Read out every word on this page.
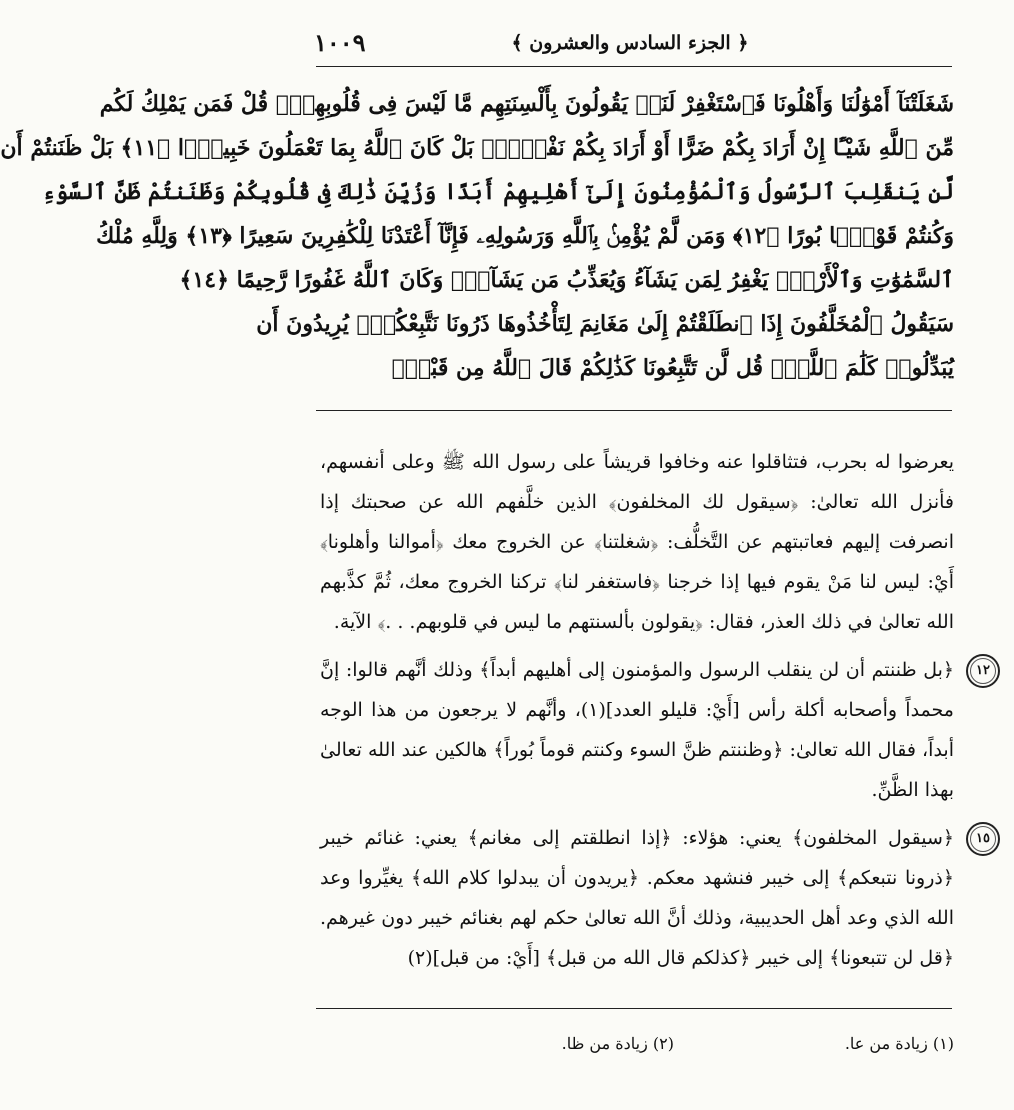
١٠٠٩	﴿ الجزء السادس والعشرون ﴾
شَغَلَتْنَآ أَمْوَٰلُنَا وَأَهْلُونَا فَٱسْتَغْفِرْ لَنَاۚ يَقُولُونَ بِأَلْسِنَتِهِم مَّا لَيْسَ فِى قُلُوبِهِمْۚ قُلْ فَمَن يَمْلِكُ لَكُم
مِّنَ ٱللَّهِ شَيْـًٔا إِنْ أَرَادَ بِكُمْ ضَرًّا أَوْ أَرَادَ بِكُمْ نَفْعًۢاۚ بَلْ كَانَ ٱللَّهُ بِمَا تَعْمَلُونَ خَبِيرًۢا ﴿١١﴾ بَلْ ظَنَنتُمْ أَن
لَّن يَنقَلِبَ ٱلرَّسُولُ وَٱلْمُؤْمِنُونَ إِلَىٰٓ أَهْلِيهِمْ أَبَدًا وَزُيِّنَ ذَٰلِكَ فِى قُلُوبِكُمْ وَظَنَنتُمْ ظَنَّ ٱلسَّوْءِ
وَكُنتُمْ قَوْمًۢا بُورًا ﴿١٢﴾ وَمَن لَّمْ يُؤْمِنۢ بِٱللَّهِ وَرَسُولِهِۦ فَإِنَّآ أَعْتَدْنَا لِلْكَٰفِرِينَ سَعِيرًا ﴿١٣﴾ وَلِلَّهِ مُلْكُ
ٱلسَّمَٰوَٰتِ وَٱلْأَرْضِۚ يَغْفِرُ لِمَن يَشَآءُ وَيُعَذِّبُ مَن يَشَآءُۚ وَكَانَ ٱللَّهُ غَفُورًا رَّحِيمًا ﴿١٤﴾
سَيَقُولُ ٱلْمُخَلَّفُونَ إِذَا ٱنطَلَقْتُمْ إِلَىٰ مَغَانِمَ لِتَأْخُذُوهَا ذَرُونَا نَتَّبِعْكُمْۖ يُرِيدُونَ أَن
يُبَدِّلُوا۟ كَلَٰمَ ٱللَّهِۚ قُل لَّن تَتَّبِعُونَا كَذَٰلِكُمْ قَالَ ٱللَّهُ مِن قَبْلُۖ
يعرضوا له بحرب، فتثاقلوا عنه وخافوا قريشاً على رسول الله ﷺ وعلى أنفسهم، فأنزل الله تعالىٰ: ﴿سيقول لك المخلفون﴾ الذين خلَّفهم الله عن صحبتك إذا انصرفت إليهم فعاتبتهم عن التَّخلُّف: ﴿شغلتنا﴾ عن الخروج معك ﴿أموالنا وأهلونا﴾ أَيْ: ليس لنا مَنْ يقوم فيها إذا خرجنا ﴿فاستغفر لنا﴾ تركنا الخروج معك، ثُمَّ كذَّبهم الله تعالىٰ في ذلك العذر، فقال: ﴿يقولون بألسنتهم ما ليس في قلوبهم. . .﴾ الآية.
١٢
﴿بل ظننتم أن لن ينقلب الرسول والمؤمنون إلى أهليهم أبداً﴾ وذلك أنَّهم قالوا: إنَّ محمداً وأصحابه أكلة رأس [أَيْ: قليلو العدد](١)، وأنَّهم لا يرجعون من هذا الوجه أبداً، فقال الله تعالىٰ: ﴿وظننتم ظنَّ السوء وكنتم قوماً بُوراً﴾ هالكين عند الله تعالىٰ بهذا الظَّنِّ.
١٥
﴿سيقول المخلفون﴾ يعني: هؤلاء: ﴿إذا انطلقتم إلى مغانم﴾ يعني: غنائم خيبر ﴿ذرونا نتبعكم﴾ إلى خيبر فنشهد معكم. ﴿يريدون أن يبدلوا كلام الله﴾ يغيِّروا وعد الله الذي وعد أهل الحديبية، وذلك أنَّ الله تعالىٰ حكم لهم بغنائم خيبر دون غيرهم. ﴿قل لن تتبعونا﴾ إلى خيبر ﴿كذلكم قال الله من قبل﴾ [أَيْ: من قبل](٢)
(١) زيادة من عا.
(٢) زيادة من ظا.
